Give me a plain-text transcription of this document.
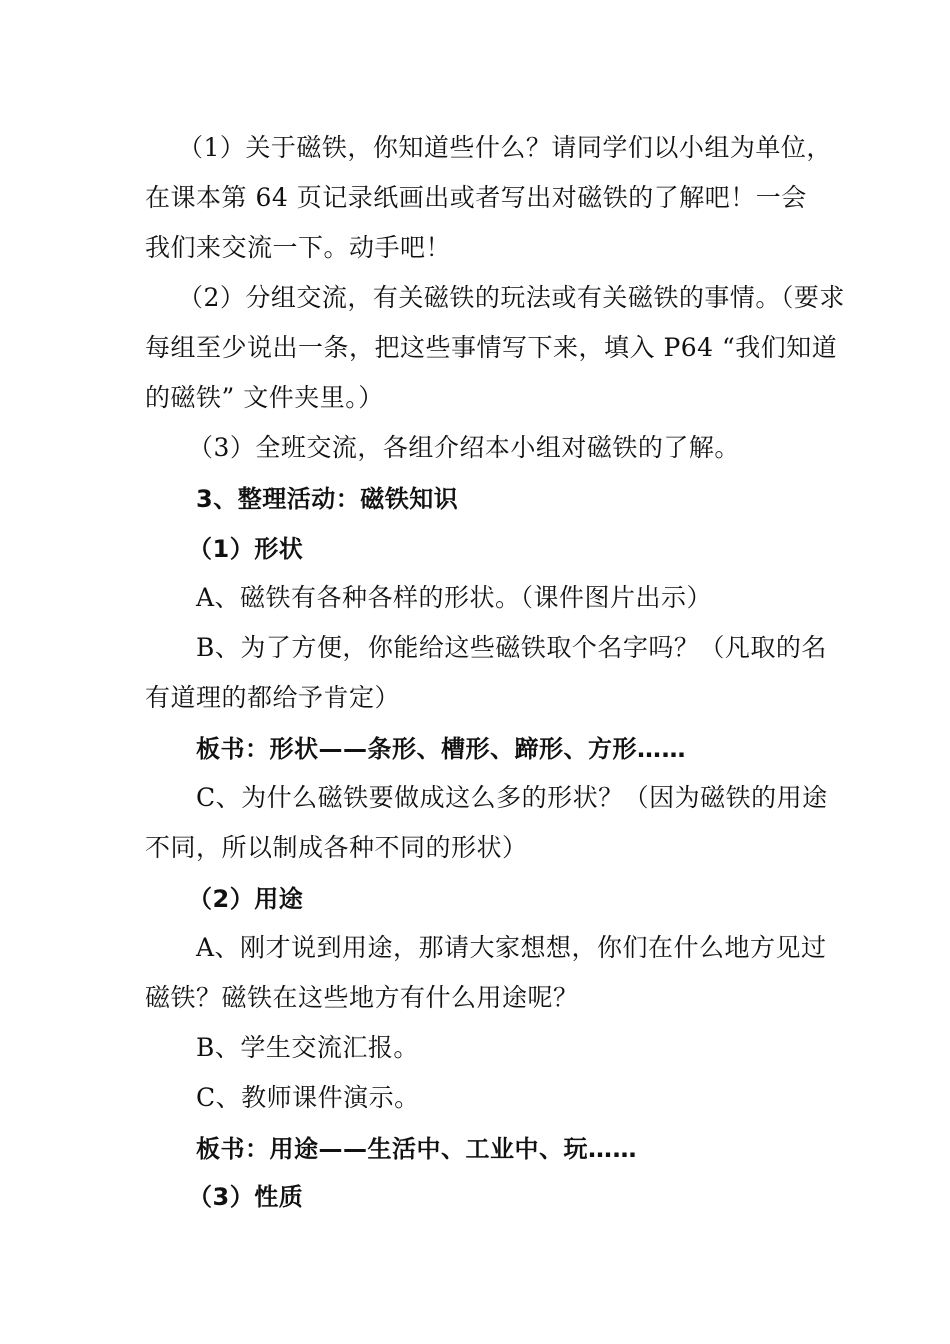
（1）关于磁铁，你知道些什么？请同学们以小组为单位，
在课本第 64 页记录纸画出或者写出对磁铁的了解吧！一会
我们来交流一下。动手吧！
（2）分组交流，有关磁铁的玩法或有关磁铁的事情。（要求
每组至少说出一条，把这些事情写下来，填入 P64 “我们知道
的磁铁” 文件夹里。）
（3）全班交流，各组介绍本小组对磁铁的了解。
3、整理活动：磁铁知识
（1）形状
A、磁铁有各种各样的形状。（课件图片出示）
B、为了方便，你能给这些磁铁取个名字吗？（凡取的名
有道理的都给予肯定）
板书：形状——条形、槽形、蹄形、方形……
C、为什么磁铁要做成这么多的形状？（因为磁铁的用途
不同，所以制成各种不同的形状）
（2）用途
A、刚才说到用途，那请大家想想，你们在什么地方见过
磁铁？磁铁在这些地方有什么用途呢？
B、学生交流汇报。
C、教师课件演示。
板书：用途——生活中、工业中、玩……
（3）性质
